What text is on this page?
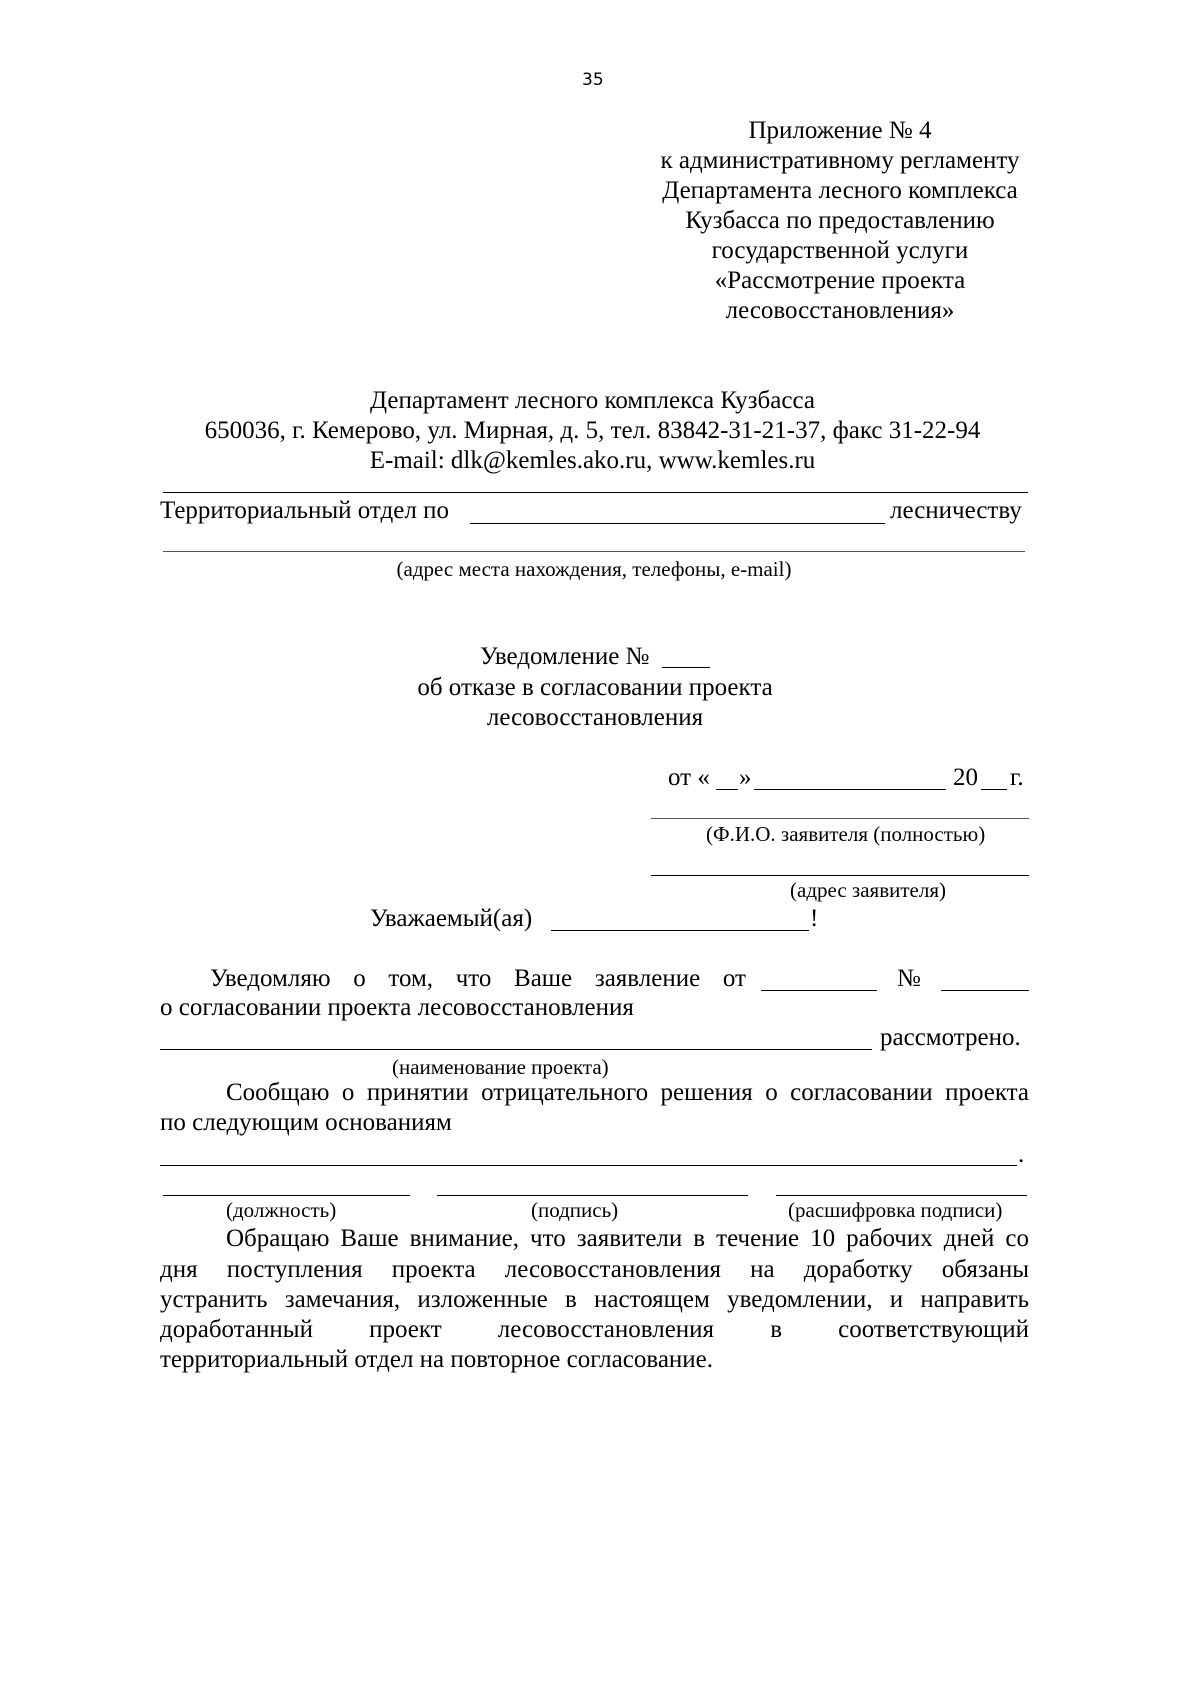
35
Приложение № 4
к административному регламенту
Департамента лесного комплекса
Кузбасса по предоставлению
государственной услуги
«Рассмотрение проекта
лесовосстановления»
Департамент лесного комплекса Кузбасса
650036, г. Кемерово, ул. Мирная, д. 5, тел. 83842-31-21-37, факс 31-22-94
E-mail: dlk@kemles.ako.ru, www.kemles.ru
Территориальный отдел по	лесничеству
(адрес места нахождения, телефоны, e-mail)
Уведомление №
об отказе в согласовании проекта
лесовосстановления
от « »	20 г.
(Ф.И.О. заявителя (полностью)
(адрес заявителя)
Уважаемый(ая)	!
Уведомляю о том, что Ваше заявление от	№
о согласовании проекта лесовосстановления
рассмотрено.
(наименование проекта)
Сообщаю о принятии отрицательного решения о согласовании проекта
по следующим основаниям
.
(должность)	(подпись)	(расшифровка подписи)
Обращаю Ваше внимание, что заявители в течение 10 рабочих дней со
дня поступления проекта лесовосстановления на доработку обязаны
устранить замечания, изложенные в настоящем уведомлении, и направить
доработанный проект лесовосстановления в соответствующий
территориальный отдел на повторное согласование.
